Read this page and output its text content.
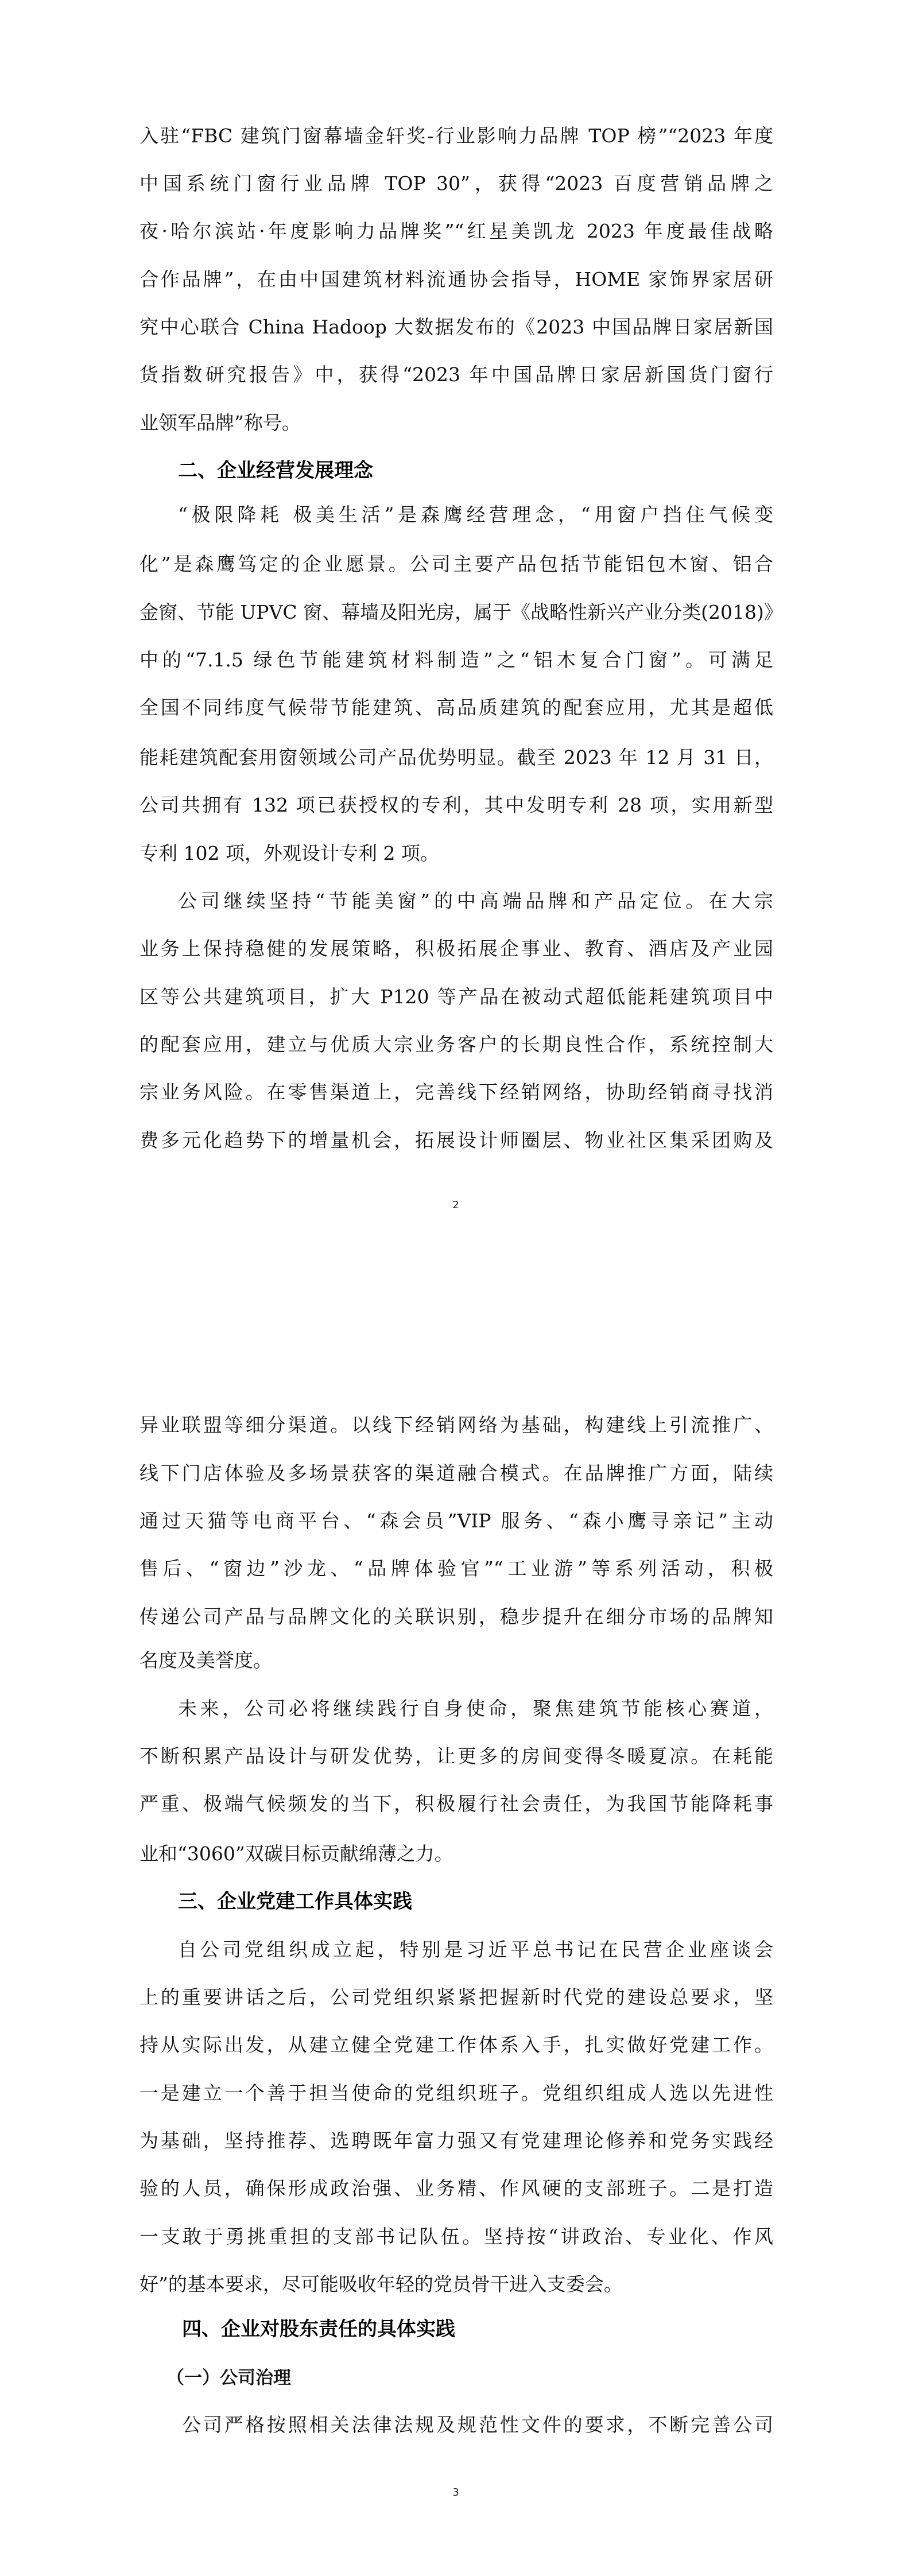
入驻“FBC 建筑门窗幕墙金轩奖-行业影响力品牌 TOP 榜”“2023 年度
中国系统门窗行业品牌 TOP 30”，获得“2023 百度营销品牌之
夜·哈尔滨站·年度影响力品牌奖”“红星美凯龙 2023 年度最佳战略
合作品牌”，在由中国建筑材料流通协会指导，HOME 家饰界家居研
究中心联合 China Hadoop 大数据发布的《2023 中国品牌日家居新国
货指数研究报告》中，获得“2023 年中国品牌日家居新国货门窗行
业领军品牌”称号。
二、企业经营发展理念
“极限降耗 极美生活”是森鹰经营理念，“用窗户挡住气候变
化”是森鹰笃定的企业愿景。公司主要产品包括节能铝包木窗、铝合
金窗、节能 UPVC 窗、幕墙及阳光房，属于《战略性新兴产业分类(2018)》
中的“7.1.5 绿色节能建筑材料制造”之“铝木复合门窗”。可满足
全国不同纬度气候带节能建筑、高品质建筑的配套应用，尤其是超低
能耗建筑配套用窗领域公司产品优势明显。截至 2023 年 12 月 31 日，
公司共拥有 132 项已获授权的专利，其中发明专利 28 项，实用新型
专利 102 项，外观设计专利 2 项。
公司继续坚持“节能美窗”的中高端品牌和产品定位。在大宗
业务上保持稳健的发展策略，积极拓展企事业、教育、酒店及产业园
区等公共建筑项目，扩大 P120 等产品在被动式超低能耗建筑项目中
的配套应用，建立与优质大宗业务客户的长期良性合作，系统控制大
宗业务风险。在零售渠道上，完善线下经销网络，协助经销商寻找消
费多元化趋势下的增量机会，拓展设计师圈层、物业社区集采团购及
2
异业联盟等细分渠道。以线下经销网络为基础，构建线上引流推广、
线下门店体验及多场景获客的渠道融合模式。在品牌推广方面，陆续
通过天猫等电商平台、“森会员”VIP 服务、“森小鹰寻亲记”主动
售后、“窗边”沙龙、“品牌体验官”“工业游”等系列活动，积极
传递公司产品与品牌文化的关联识别，稳步提升在细分市场的品牌知
名度及美誉度。
未来，公司必将继续践行自身使命，聚焦建筑节能核心赛道，
不断积累产品设计与研发优势，让更多的房间变得冬暖夏凉。在耗能
严重、极端气候频发的当下，积极履行社会责任，为我国节能降耗事
业和“3060”双碳目标贡献绵薄之力。
三、企业党建工作具体实践
自公司党组织成立起，特别是习近平总书记在民营企业座谈会
上的重要讲话之后，公司党组织紧紧把握新时代党的建设总要求，坚
持从实际出发，从建立健全党建工作体系入手，扎实做好党建工作。
一是建立一个善于担当使命的党组织班子。党组织组成人选以先进性
为基础，坚持推荐、选聘既年富力强又有党建理论修养和党务实践经
验的人员，确保形成政治强、业务精、作风硬的支部班子。二是打造
一支敢于勇挑重担的支部书记队伍。坚持按“讲政治、专业化、作风
好”的基本要求，尽可能吸收年轻的党员骨干进入支委会。
四、企业对股东责任的具体实践
（一）公司治理
公司严格按照相关法律法规及规范性文件的要求，不断完善公司
3
